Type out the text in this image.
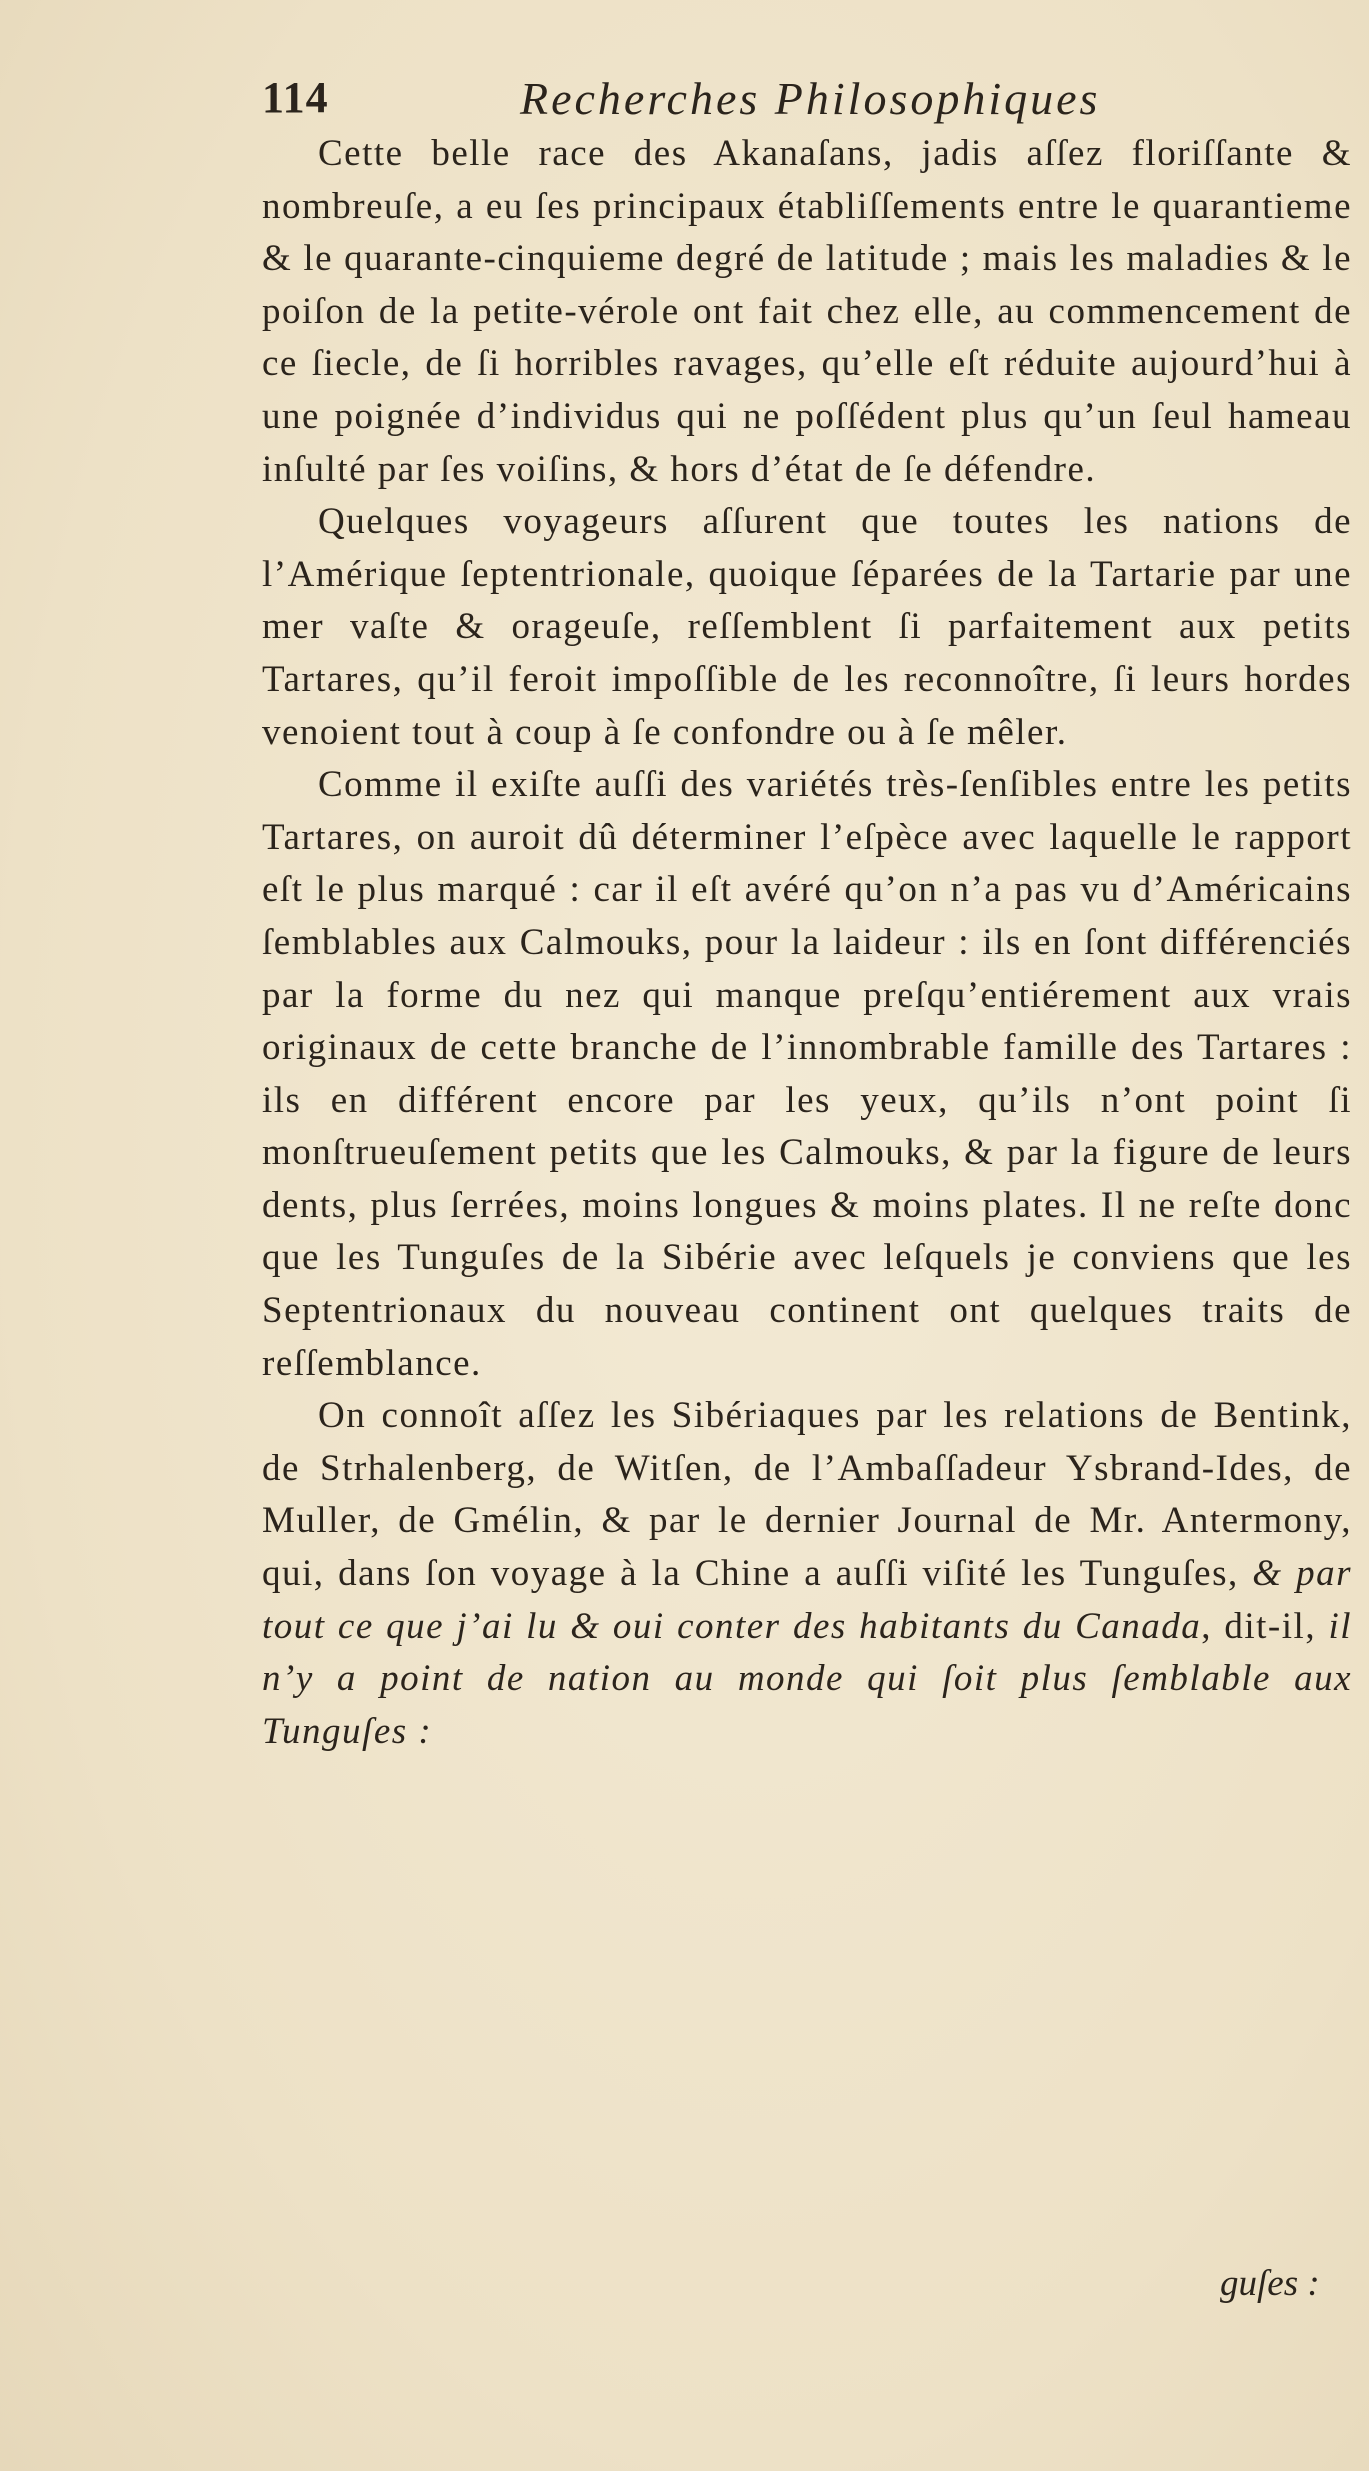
114	Recherches Philosophiques

Cette belle race des Akanaſans, jadis aſſez floriſſante & nombreuſe, a eu ſes principaux établiſſements entre le quarantieme & le quarante-cinquieme degré de latitude ; mais les maladies & le poiſon de la petite-vérole ont fait chez elle, au commencement de ce ſiecle, de ſi horribles ravages, qu’elle eſt réduite aujourd’hui à une poignée d’individus qui ne poſſédent plus qu’un ſeul hameau inſulté par ſes voiſins, & hors d’état de ſe défendre.

Quelques voyageurs aſſurent que toutes les nations de l’Amérique ſeptentrionale, quoique ſéparées de la Tartarie par une mer vaſte & orageuſe, reſſemblent ſi parfaitement aux petits Tartares, qu’il feroit impoſſible de les reconnoître, ſi leurs hordes venoient tout à coup à ſe confondre ou à ſe mêler.

Comme il exiſte auſſi des variétés très-ſenſibles entre les petits Tartares, on auroit dû déterminer l’eſpèce avec laquelle le rapport eſt le plus marqué : car il eſt avéré qu’on n’a pas vu d’Américains ſemblables aux Calmouks, pour la laideur : ils en ſont différenciés par la forme du nez qui manque preſqu’entiérement aux vrais originaux de cette branche de l’innombrable famille des Tartares : ils en différent encore par les yeux, qu’ils n’ont point ſi monſtrueuſement petits que les Calmouks, & par la figure de leurs dents, plus ſerrées, moins longues & moins plates. Il ne reſte donc que les Tunguſes de la Sibérie avec leſquels je conviens que les Septentrionaux du nouveau continent ont quelques traits de reſſemblance.

On connoît aſſez les Sibériaques par les relations de Bentink, de Strhalenberg, de Witſen, de l’Ambaſſadeur Ysbrand-Ides, de Muller, de Gmélin, & par le dernier Journal de Mr. Antermony, qui, dans ſon voyage à la Chine a auſſi viſité les Tunguſes, & par tout ce que j’ai lu & oui conter des habitants du Canada, dit-il, il n’y a point de nation au monde qui ſoit plus ſemblable aux Tunguſes :

guſes :
